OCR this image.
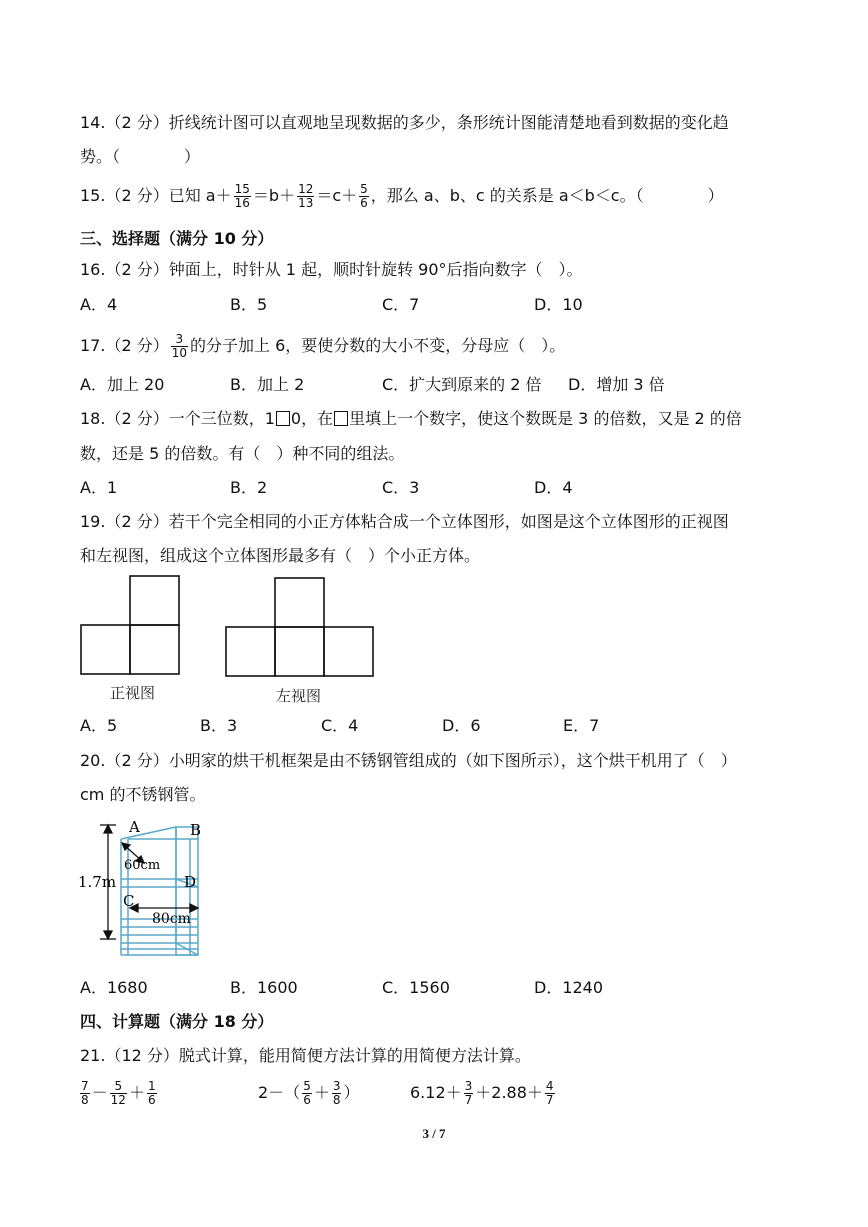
14.（2 分）折线统计图可以直观地呈现数据的多少，条形统计图能清楚地看到数据的变化趋
势。（　　　　）
15.（2 分）已知 $a+ \frac{15}{16} =b+ \frac{12}{13} =c+ \frac{5}{6}$ ，那么 a、b、c 的关系是 a＜b＜c。（　　　　）
三、选择题（满分 10 分）
16.（2 分）钟面上，时针从 1 起，顺时针旋转 90°后指向数字（　）。
A．4	B．5	C．7	D．10
17.（2 分） $\frac{3}{10}$ 的分子加上 6，要使分数的大小不变，分母应（　）。
A．加上 20	B．加上 2	C．扩大到原来的 2 倍 D．增加 3 倍
18.（2 分）一个三位数，1 0，在 里填上一个数字，使这个数既是 3 的倍数，又是 2 的倍
数，还是 5 的倍数。有（　）种不同的组法。
A．1	B．2	C．3	D．4
19.（2 分）若干个完全相同的小正方体粘合成一个立体图形，如图是这个立体图形的正视图
和左视图，组成这个立体图形最多有（　）个小正方体。
正视图	左视图
A．5	B．3	C．4	D．6	E．7
20.（2 分）小明家的烘干机框架是由不锈钢管组成的（如下图所示），这个烘干机用了（　）
cm 的不锈钢管。
A	B
C
D
1.7m
60cm
80cm
A．1680	B．1600	C．1560	D．1240
四、计算题（满分 18 分）
21.（12 分）脱式计算，能用简便方法计算的用简便方法计算。
$\frac{7}{8} - \frac{5}{12} + \frac{1}{6}$	$2-( \frac{5}{6} + \frac{3}{8}$ ）	$6.12+ \frac{3}{7} +2.88+ \frac{4}{7}$
3 / 7
